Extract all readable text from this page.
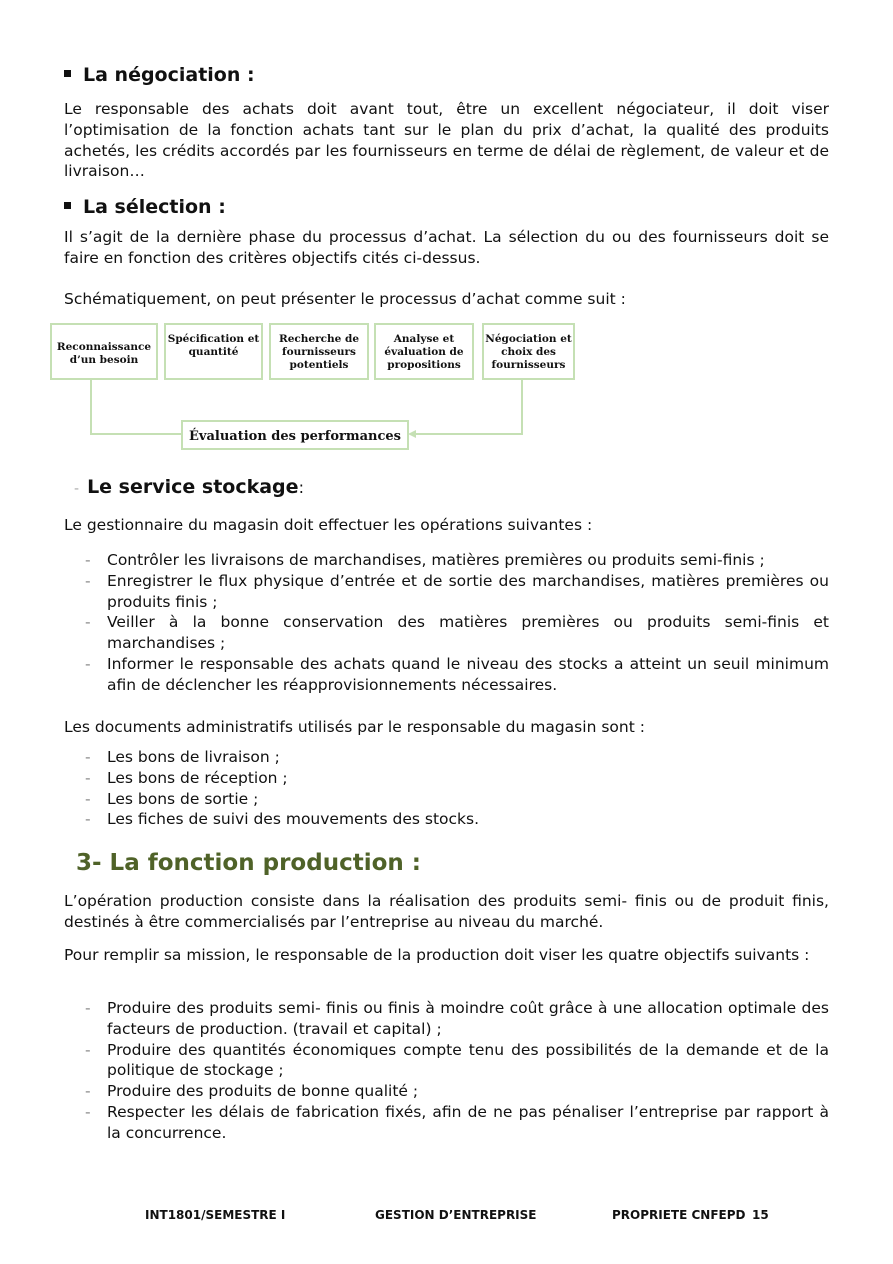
La négociation :
Le responsable des achats doit avant tout, être un excellent négociateur, il doit viser l’optimisation de la fonction achats tant sur le plan du prix d’achat, la qualité des produits achetés, les crédits accordés par les fournisseurs en terme de délai de règlement, de valeur et de livraison…
La sélection :
Il s’agit de la dernière phase du processus d’achat. La sélection du ou des fournisseurs doit se faire en fonction des critères objectifs cités ci-dessus.
Schématiquement, on peut présenter le processus d’achat comme suit :
Reconnaissance d’un besoin
Spécification et quantité
Recherche de fournisseurs potentiels
Analyse et évaluation de propositions
Négociation et choix des fournisseurs
Évaluation des performances
- Le service stockage:
Le gestionnaire du magasin doit effectuer les opérations suivantes :
- Contrôler les livraisons de marchandises, matières premières ou produits semi-finis ;
- Enregistrer le flux physique d’entrée et de sortie des marchandises, matières premières ou produits finis ;
- Veiller à la bonne conservation des matières premières ou produits semi-finis et marchandises ;
- Informer le responsable des achats quand le niveau des stocks a atteint un seuil minimum afin de déclencher les réapprovisionnements nécessaires.
Les documents administratifs utilisés par le responsable du magasin sont :
- Les bons de livraison ;
- Les bons de réception ;
- Les bons de sortie ;
- Les fiches de suivi des mouvements des stocks.
3- La fonction production :
L’opération production consiste dans la réalisation des produits semi- finis ou de produit finis, destinés à être commercialisés par l’entreprise au niveau du marché.
Pour remplir sa mission, le responsable de la production doit viser les quatre objectifs suivants :
- Produire des produits semi- finis ou finis à moindre coût grâce à une allocation optimale des facteurs de production. (travail et capital) ;
- Produire des quantités économiques compte tenu des possibilités de la demande et de la politique de stockage ;
- Produire des produits de bonne qualité ;
- Respecter les délais de fabrication fixés, afin de ne pas pénaliser l’entreprise par rapport à la concurrence.
INT1801/SEMESTRE I	GESTION D’ENTREPRISE	PROPRIETE CNFEPD 15
